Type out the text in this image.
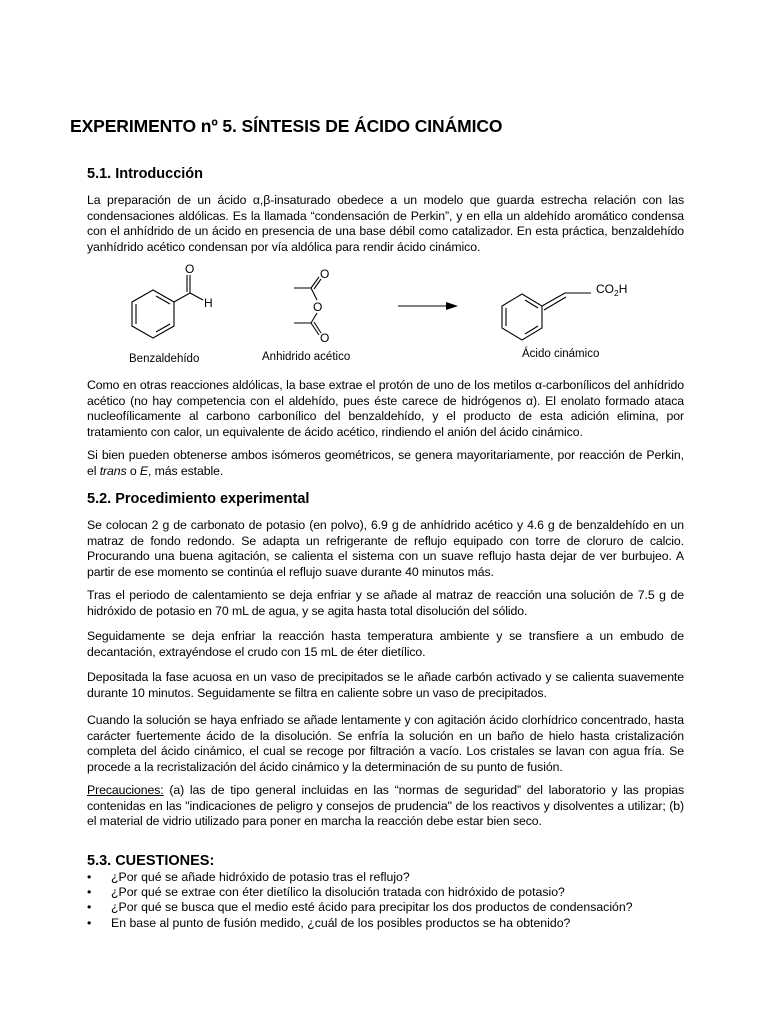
EXPERIMENTO nº 5. SÍNTESIS DE ÁCIDO CINÁMICO
5.1. Introducción

La preparación de un ácido α,β-insaturado obedece a un modelo que guarda estrecha relación con las condensaciones aldólicas. Es la llamada “condensación de Perkin”, y en ella un aldehído aromático condensa con el anhídrido de un ácido en presencia de una base débil como catalizador. En esta práctica, benzaldehído yanhídrido acético condensan por vía aldólica para rendir ácido cinámico.

O
H
O
O
O
$CO_2H$
Benzaldehído	Anhidrido acético	Ácido cinámico

Como en otras reacciones aldólicas, la base extrae el protón de uno de los metilos α-carbonílicos del anhídrido acético (no hay competencia con el aldehído, pues éste carece de hidrógenos α). El enolato formado ataca nucleofílicamente al carbono carbonílico del benzaldehído, y el producto de esta adición elimina, por tratamiento con calor, un equivalente de ácido acético, rindiendo el anión del ácido cinámico.

Si bien pueden obtenerse ambos isómeros geométricos, se genera mayoritariamente, por reacción de Perkin, el trans o E, más estable.

5.2. Procedimiento experimental

Se colocan 2 g de carbonato de potasio (en polvo), 6.9 g de anhídrido acético y 4.6 g de benzaldehído en un matraz de fondo redondo. Se adapta un refrigerante de reflujo equipado con torre de cloruro de calcio. Procurando una buena agitación, se calienta el sistema con un suave reflujo hasta dejar de ver burbujeo. A partir de ese momento se continúa el reflujo suave durante 40 minutos más.

Tras el periodo de calentamiento se deja enfriar y se añade al matraz de reacción una solución de 7.5 g de hidróxido de potasio en 70 mL de agua, y se agita hasta total disolución del sólido.

Seguidamente se deja enfriar la reacción hasta temperatura ambiente y se transfiere a un embudo de decantación, extrayéndose el crudo con 15 mL de éter dietílico.

Depositada la fase acuosa en un vaso de precipitados se le añade carbón activado y se calienta suavemente durante 10 minutos. Seguidamente se filtra en caliente sobre un vaso de precipitados.

Cuando la solución se haya enfriado se añade lentamente y con agitación ácido clorhídrico concentrado, hasta carácter fuertemente ácido de la disolución. Se enfría la solución en un baño de hielo hasta cristalización completa del ácido cinámico, el cual se recoge por filtración a vacío. Los cristales se lavan con agua fría. Se procede a la recristalización del ácido cinámico y la determinación de su punto de fusión.

Precauciones: (a) las de tipo general incluidas en las “normas de seguridad” del laboratorio y las propias contenidas en las "indicaciones de peligro y consejos de prudencia" de los reactivos y disolventes a utilizar; (b) el material de vidrio utilizado para poner en marcha la reacción debe estar bien seco.

5.3. CUESTIONES:
• ¿Por qué se añade hidróxido de potasio tras el reflujo?
• ¿Por qué se extrae con éter dietílico la disolución tratada con hidróxido de potasio?
• ¿Por qué se busca que el medio esté ácido para precipitar los dos productos de condensación?
• En base al punto de fusión medido, ¿cuál de los posibles productos se ha obtenido?
